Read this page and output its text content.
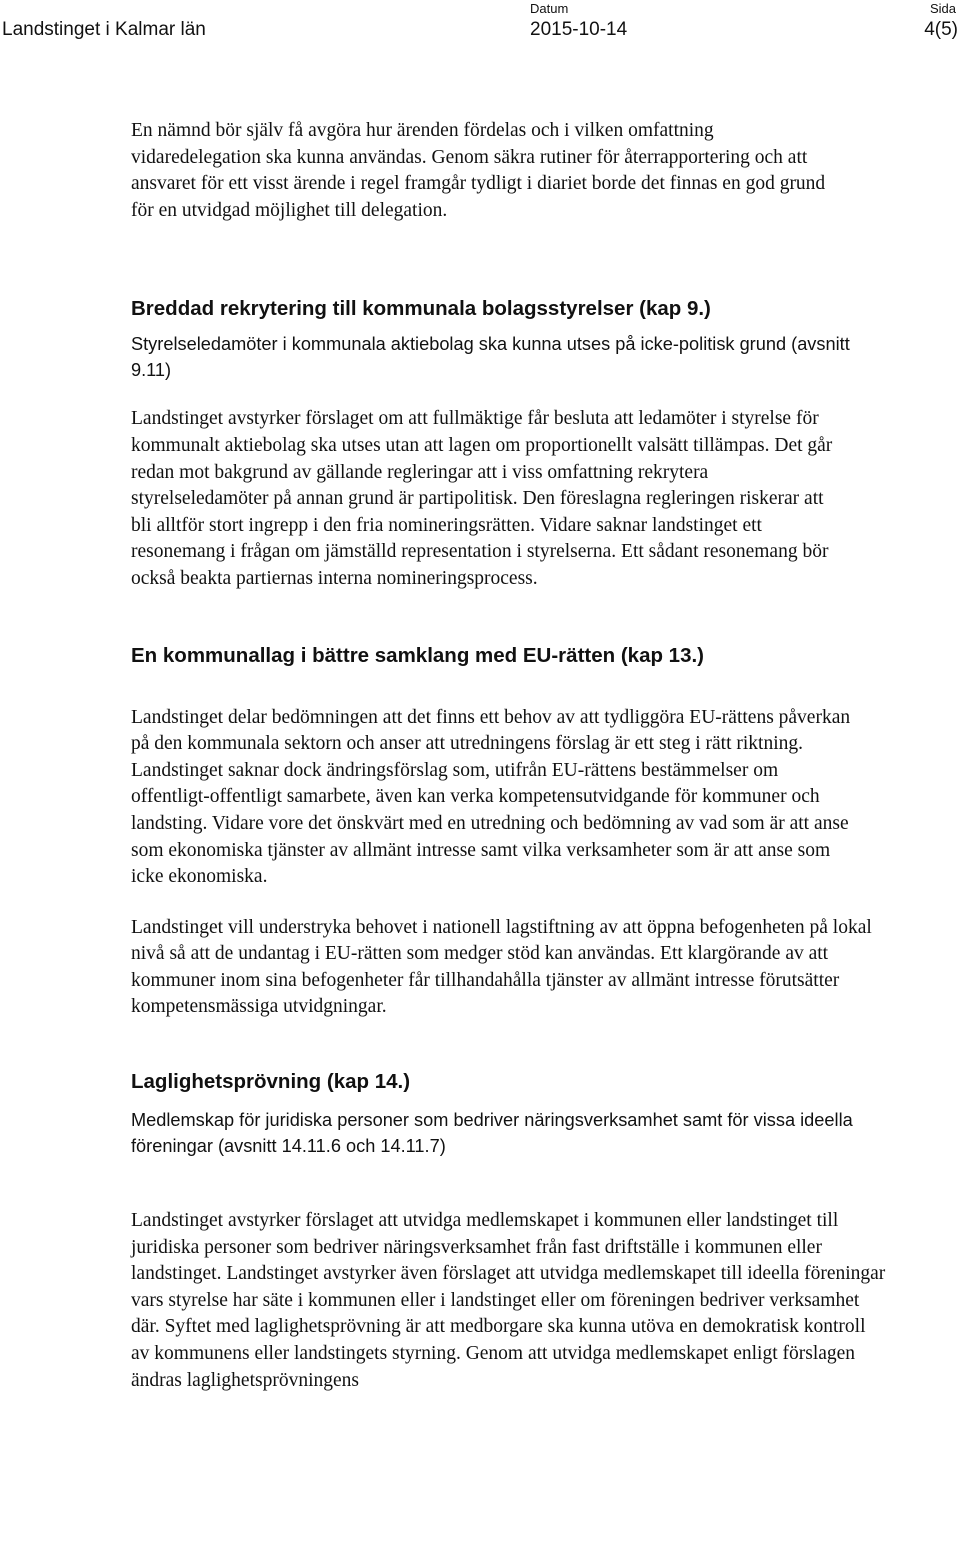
Landstinget i Kalmar län
Datum
2015-10-14
Sida
4(5)

En nämnd bör själv få avgöra hur ärenden fördelas och i vilken omfattning vidaredelegation ska kunna användas. Genom säkra rutiner för återrapportering och att ansvaret för ett visst ärende i regel framgår tydligt i diariet borde det finnas en god grund för en utvidgad möjlighet till delegation.

Breddad rekrytering till kommunala bolagsstyrelser (kap 9.)

Styrelseledamöter i kommunala aktiebolag ska kunna utses på icke-politisk grund (avsnitt 9.11)

Landstinget avstyrker förslaget om att fullmäktige får besluta att ledamöter i styrelse för kommunalt aktiebolag ska utses utan att lagen om proportionellt valsätt tillämpas. Det går redan mot bakgrund av gällande regleringar att i viss omfattning rekrytera styrelseledamöter på annan grund är partipolitisk. Den föreslagna regleringen riskerar att bli alltför stort ingrepp i den fria nomineringsrätten. Vidare saknar landstinget ett resonemang i frågan om jämställd representation i styrelserna. Ett sådant resonemang bör också beakta partiernas interna nomineringsprocess.

En kommunallag i bättre samklang med EU-rätten (kap 13.)

Landstinget delar bedömningen att det finns ett behov av att tydliggöra EU-rättens påverkan på den kommunala sektorn och anser att utredningens förslag är ett steg i rätt riktning. Landstinget saknar dock ändringsförslag som, utifrån EU-rättens bestämmelser om offentligt-offentligt samarbete, även kan verka kompetensutvidgande för kommuner och landsting. Vidare vore det önskvärt med en utredning och bedömning av vad som är att anse som ekonomiska tjänster av allmänt intresse samt vilka verksamheter som är att anse som icke ekonomiska.

Landstinget vill understryka behovet i nationell lagstiftning av att öppna befogenheten på lokal nivå så att de undantag i EU-rätten som medger stöd kan användas. Ett klargörande av att kommuner inom sina befogenheter får tillhandahålla tjänster av allmänt intresse förutsätter kompetensmässiga utvidgningar.

Laglighetsprövning (kap 14.)

Medlemskap för juridiska personer som bedriver näringsverksamhet samt för vissa ideella föreningar (avsnitt 14.11.6 och 14.11.7)

Landstinget avstyrker förslaget att utvidga medlemskapet i kommunen eller landstinget till juridiska personer som bedriver näringsverksamhet från fast driftställe i kommunen eller landstinget. Landstinget avstyrker även förslaget att utvidga medlemskapet till ideella föreningar vars styrelse har säte i kommunen eller i landstinget eller om föreningen bedriver verksamhet där. Syftet med laglighetsprövning är att medborgare ska kunna utöva en demokratisk kontroll av kommunens eller landstingets styrning. Genom att utvidga medlemskapet enligt förslagen ändras laglighetsprövningens
